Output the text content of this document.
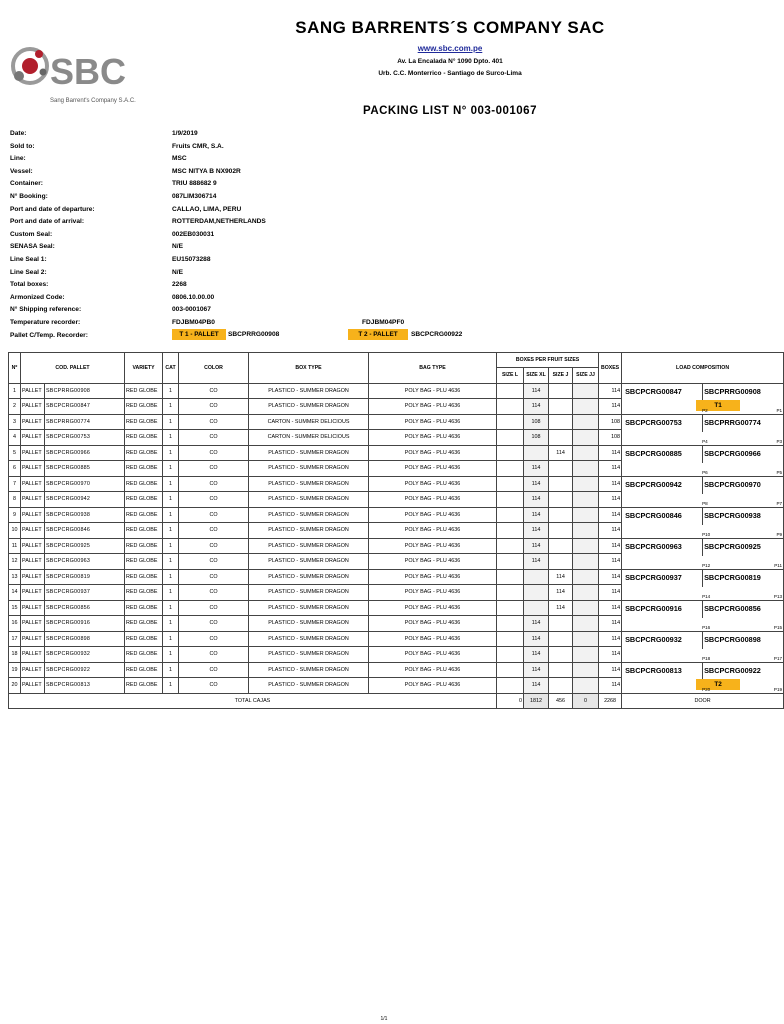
SBC
Sang Barrent's Company S.A.C.
SANG BARRENTS´S COMPANY SAC
www.sbc.com.pe
Av. La Encalada N° 1090 Dpto. 401
Urb. C.C. Monterrico - Santiago de Surco-Lima
PACKING LIST N° 003-001067
Date:	1/9/2019
Sold to:	Fruits CMR, S.A.
Line:	MSC
Vessel:	MSC NITYA B NX902R
Container:	TRIU 888682 9
N° Booking:	087LIM306714
Port and date of departure:	CALLAO, LIMA, PERU
Port and date of arrival:	ROTTERDAM,NETHERLANDS
Custom Seal:	002EB030031
SENASA Seal:	N/E
Line Seal 1:	EU15073288
Line Seal 2:	N/E
Total boxes:	2268
Armonized Code:	0806.10.00.00
N° Shipping reference:	003-0001067
Temperature recorder:	FDJBM04PB0
Pallet C/Temp. Recorder:
FDJBM04PF0
T 1 - PALLET	SBCPRRG00908	T 2 - PALLET	SBCPCRG00922
Nº	COD. PALLET		VARIETY	CAT	COLOR	BOX TYPE	BAG TYPE	BOXES PER FRUIT SIZES				BOXES	LOAD COMPOSITION
								SIZE L	SIZE XL	SIZE J	SIZE JJ		
1	PALLET	SBCPRRG00908	RED GLOBE	1	CO	PLASTICO - SUMMER DRAGON	POLY BAG - PLU 4636		114			114	SBCPCRG00847 SBCPRRG00908
T1
P2 P1

2	PALLET	SBCPCRG00847	RED GLOBE	1	CO	PLASTICO - SUMMER DRAGON	POLY BAG - PLU 4636		114			114	
3	PALLET	SBCPRRG00774	RED GLOBE	1	CO	CARTON - SUMMER DELICIOUS	POLY BAG - PLU 4636		108			108	SBCPCRG00753 SBCPRRG00774
P4 P3

4	PALLET	SBCPCRG00753	RED GLOBE	1	CO	CARTON - SUMMER DELICIOUS	POLY BAG - PLU 4636		108			108	
5	PALLET	SBCPCRG00966	RED GLOBE	1	CO	PLASTICO - SUMMER DRAGON	POLY BAG - PLU 4636			114		114	SBCPCRG00885 SBCPCRG00966
P6 P5

6	PALLET	SBCPCRG00885	RED GLOBE	1	CO	PLASTICO - SUMMER DRAGON	POLY BAG - PLU 4636		114			114	
7	PALLET	SBCPCRG00970	RED GLOBE	1	CO	PLASTICO - SUMMER DRAGON	POLY BAG - PLU 4636		114			114	SBCPCRG00942 SBCPCRG00970
P8 P7

8	PALLET	SBCPCRG00942	RED GLOBE	1	CO	PLASTICO - SUMMER DRAGON	POLY BAG - PLU 4636		114			114	
9	PALLET	SBCPCRG00938	RED GLOBE	1	CO	PLASTICO - SUMMER DRAGON	POLY BAG - PLU 4636		114			114	SBCPCRG00846 SBCPCRG00938
P10 P9

10	PALLET	SBCPCRG00846	RED GLOBE	1	CO	PLASTICO - SUMMER DRAGON	POLY BAG - PLU 4636		114			114	
11	PALLET	SBCPCRG00925	RED GLOBE	1	CO	PLASTICO - SUMMER DRAGON	POLY BAG - PLU 4636		114			114	SBCPCRG00963 SBCPCRG00925
P12 P11

12	PALLET	SBCPCRG00963	RED GLOBE	1	CO	PLASTICO - SUMMER DRAGON	POLY BAG - PLU 4636		114			114	
13	PALLET	SBCPCRG00819	RED GLOBE	1	CO	PLASTICO - SUMMER DRAGON	POLY BAG - PLU 4636			114		114	SBCPCRG00937 SBCPCRG00819
P14 P13

14	PALLET	SBCPCRG00937	RED GLOBE	1	CO	PLASTICO - SUMMER DRAGON	POLY BAG - PLU 4636			114		114	
15	PALLET	SBCPCRG00856	RED GLOBE	1	CO	PLASTICO - SUMMER DRAGON	POLY BAG - PLU 4636			114		114	SBCPCRG00916 SBCPCRG00856
P16 P15

16	PALLET	SBCPCRG00916	RED GLOBE	1	CO	PLASTICO - SUMMER DRAGON	POLY BAG - PLU 4636		114			114	
17	PALLET	SBCPCRG00898	RED GLOBE	1	CO	PLASTICO - SUMMER DRAGON	POLY BAG - PLU 4636		114			114	SBCPCRG00932 SBCPCRG00898
P18 P17

18	PALLET	SBCPCRG00932	RED GLOBE	1	CO	PLASTICO - SUMMER DRAGON	POLY BAG - PLU 4636		114			114	
19	PALLET	SBCPCRG00922	RED GLOBE	1	CO	PLASTICO - SUMMER DRAGON	POLY BAG - PLU 4636		114			114	SBCPCRG00813 SBCPCRG00922
T2
P20 P19

20	PALLET	SBCPCRG00813	RED GLOBE	1	CO	PLASTICO - SUMMER DRAGON	POLY BAG - PLU 4636		114			114	
TOTAL CAJAS								0	1812	456	0	2268	DOOR
1/1
